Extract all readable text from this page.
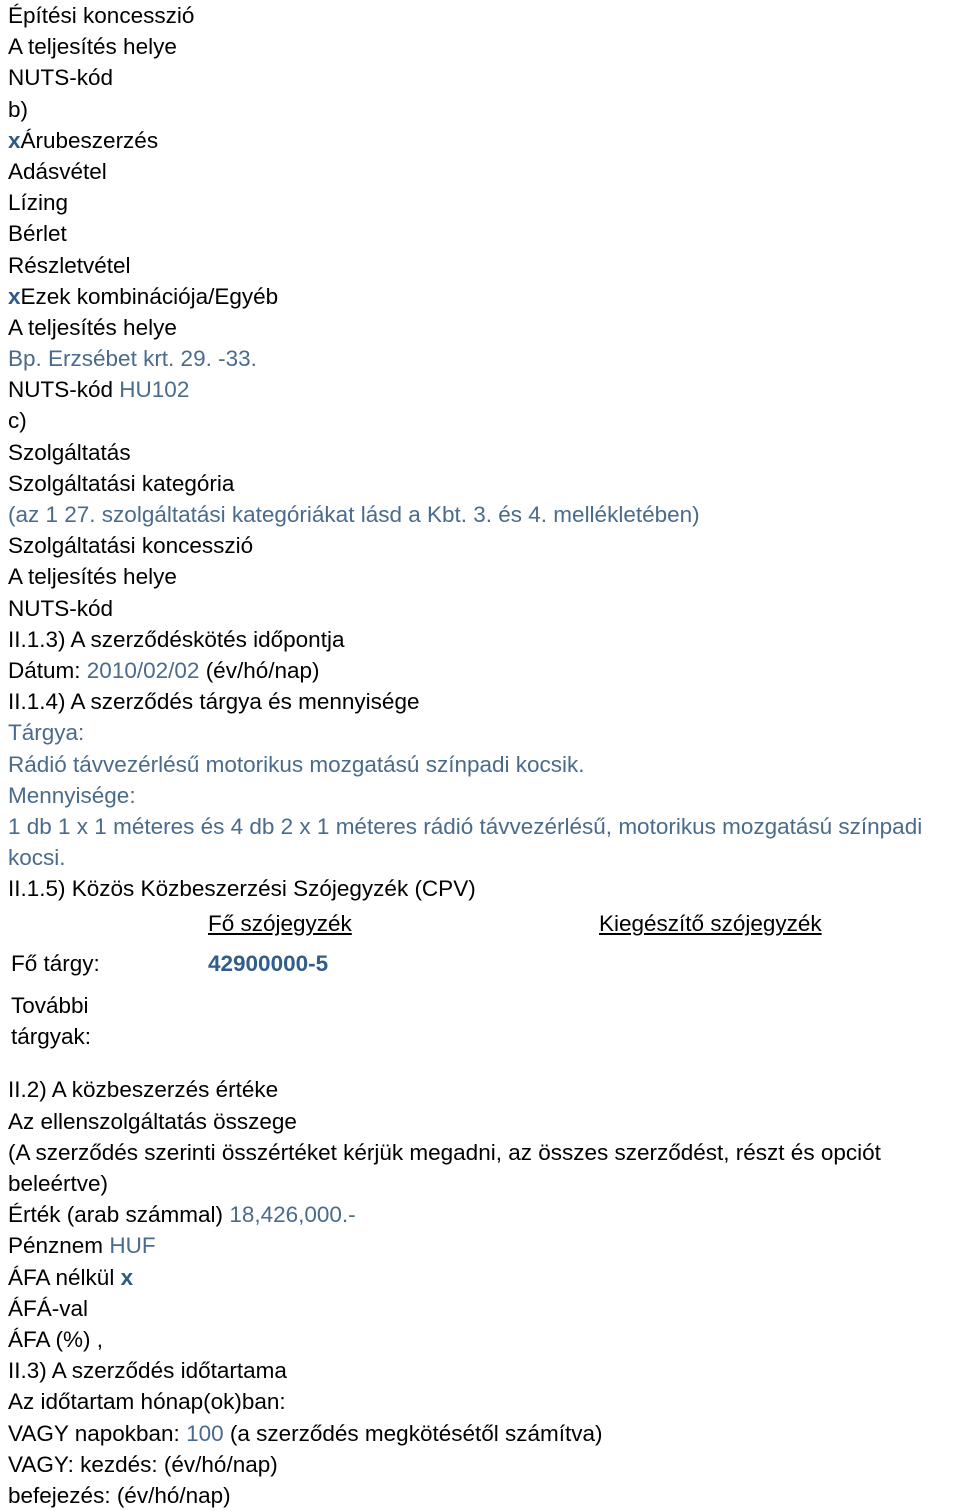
Építési koncesszió
A teljesítés helye
NUTS-kód
b)
xÁrubeszerzés
Adásvétel
Lízing
Bérlet
Részletvétel
xEzek kombinációja/Egyéb
A teljesítés helye
Bp. Erzsébet krt. 29. -33.
NUTS-kód HU102
c)
Szolgáltatás
Szolgáltatási kategória
(az 1 27. szolgáltatási kategóriákat lásd a Kbt. 3. és 4. mellékletében)
Szolgáltatási koncesszió
A teljesítés helye
NUTS-kód
II.1.3) A szerződéskötés időpontja
Dátum: 2010/02/02 (év/hó/nap)
II.1.4) A szerződés tárgya és mennyisége
Tárgya:
Rádió távvezérlésű motorikus mozgatású színpadi kocsik.
Mennyisége:
1 db 1 x 1 méteres és 4 db 2 x 1 méteres rádió távvezérlésű, motorikus mozgatású színpadi kocsi.
II.1.5) Közös Közbeszerzési Szójegyzék (CPV)
Fő szójegyzék	Kiegészítő szójegyzék
Fő tárgy:	42900000-5
További tárgyak:
II.2) A közbeszerzés értéke
Az ellenszolgáltatás összege
(A szerződés szerinti összértéket kérjük megadni, az összes szerződést, részt és opciót beleértve)
Érték (arab számmal) 18,426,000.-
Pénznem HUF
ÁFA nélkül x
ÁFÁ-val
ÁFA (%) ,
II.3) A szerződés időtartama
Az időtartam hónap(ok)ban:
VAGY napokban: 100 (a szerződés megkötésétől számítva)
VAGY: kezdés: (év/hó/nap)
befejezés: (év/hó/nap)
